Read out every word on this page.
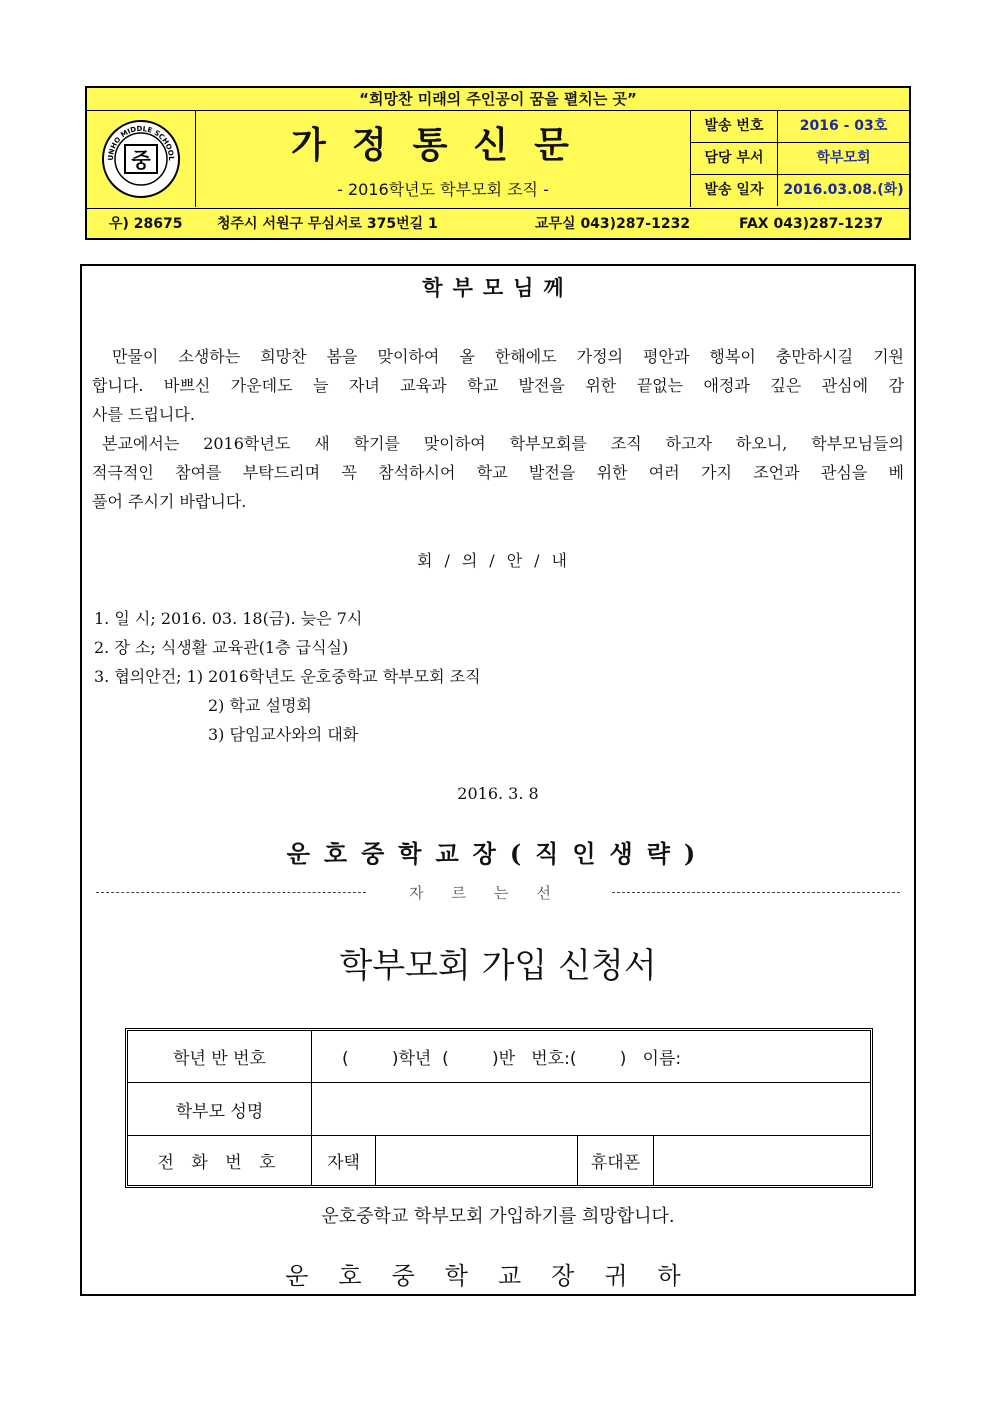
“희망찬 미래의 주인공이 꿈을 펼치는 곳”
UNHO MIDDLE SCHOOL
중	가정통신문
- 2016학년도 학부모회 조직 -
발송 번호	2016 - 03호
담당 부서	학부모회
발송 일자	2016.03.08.(화)
우) 28675 청주시 서원구 무심서로 375번길 1	교무실 043)287-1232	FAX 043)287-1237
학부모님께
만물이 소생하는 희망찬 봄을 맞이하여 올 한해에도 가정의 평안과 행복이 충만하시길 기원
합니다. 바쁘신 가운데도 늘 자녀 교육과 학교 발전을 위한 끝없는 애정과 깊은 관심에 감
사를 드립니다.
본교에서는 2016학년도 새 학기를 맞이하여 학부모회를 조직 하고자 하오니, 학부모님들의
적극적인 참여를 부탁드리며 꼭 참석하시어 학교 발전을 위한 여러 가지 조언과 관심을 베
풀어 주시기 바랍니다.
회/의/안/내
1. 일 시; 2016. 03. 18(금). 늦은 7시
2. 장 소; 식생활 교육관(1층 급식실)
3. 협의안건; 1) 2016학년도 운호중학교 학부모회 조직
2) 학교 설명회
3) 담임교사와의 대화
2016. 3. 8
운호중학교장(직인생략)
자르는선
학부모회 가입 신청서
학년 반 번호	(        )학년  (        )반   번호:(        )   이름:
학부모 성명
전 화 번 호	자택	휴대폰
운호중학교 학부모회 가입하기를 희망합니다.
운호중학교장귀하
